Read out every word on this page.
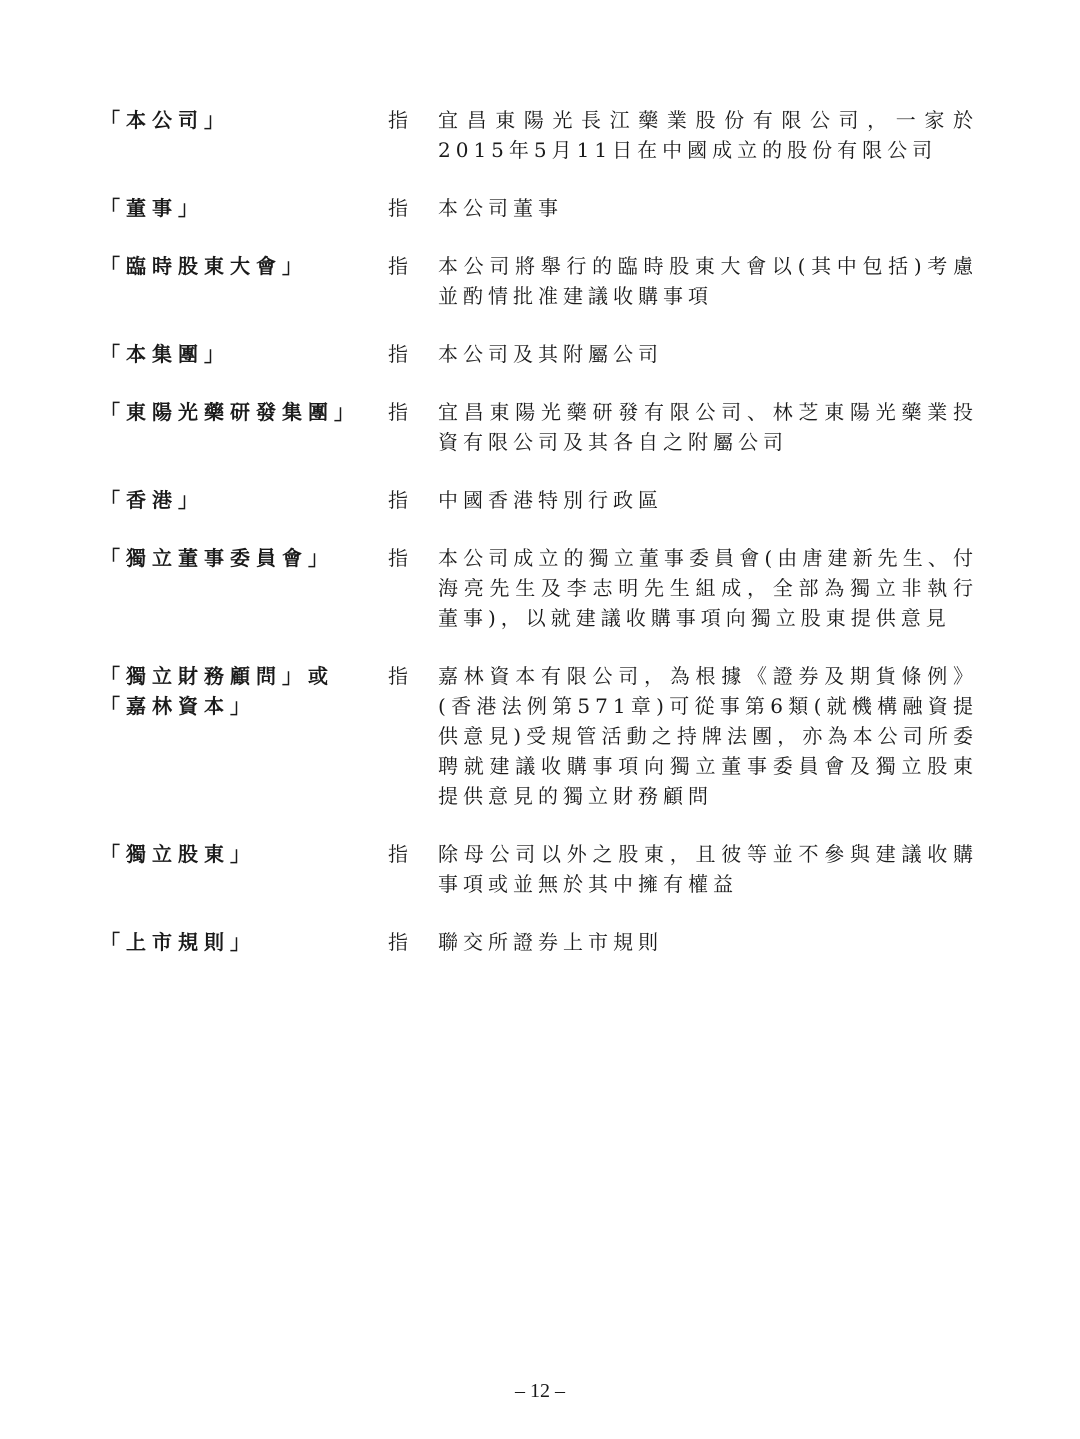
「本公司」	指	宜昌東陽光長江藥業股份有限公司，一家於2015年5月11日在中國成立的股份有限公司
「董事」	指	本公司董事
「臨時股東大會」	指	本公司將舉行的臨時股東大會以(其中包括)考慮並酌情批准建議收購事項
「本集團」	指	本公司及其附屬公司
「東陽光藥研發集團」	指	宜昌東陽光藥研發有限公司、林芝東陽光藥業投資有限公司及其各自之附屬公司
「香港」	指	中國香港特別行政區
「獨立董事委員會」	指	本公司成立的獨立董事委員會(由唐建新先生、付海亮先生及李志明先生組成，全部為獨立非執行董事)，以就建議收購事項向獨立股東提供意見
「獨立財務顧問」或
「嘉林資本」
指	嘉林資本有限公司，為根據《證券及期貨條例》(香港法例第571章)可從事第6類(就機構融資提供意見)受規管活動之持牌法團，亦為本公司所委聘就建議收購事項向獨立董事委員會及獨立股東提供意見的獨立財務顧問
「獨立股東」	指	除母公司以外之股東，且彼等並不參與建議收購事項或並無於其中擁有權益
「上市規則」	指	聯交所證券上市規則
– 12 –
